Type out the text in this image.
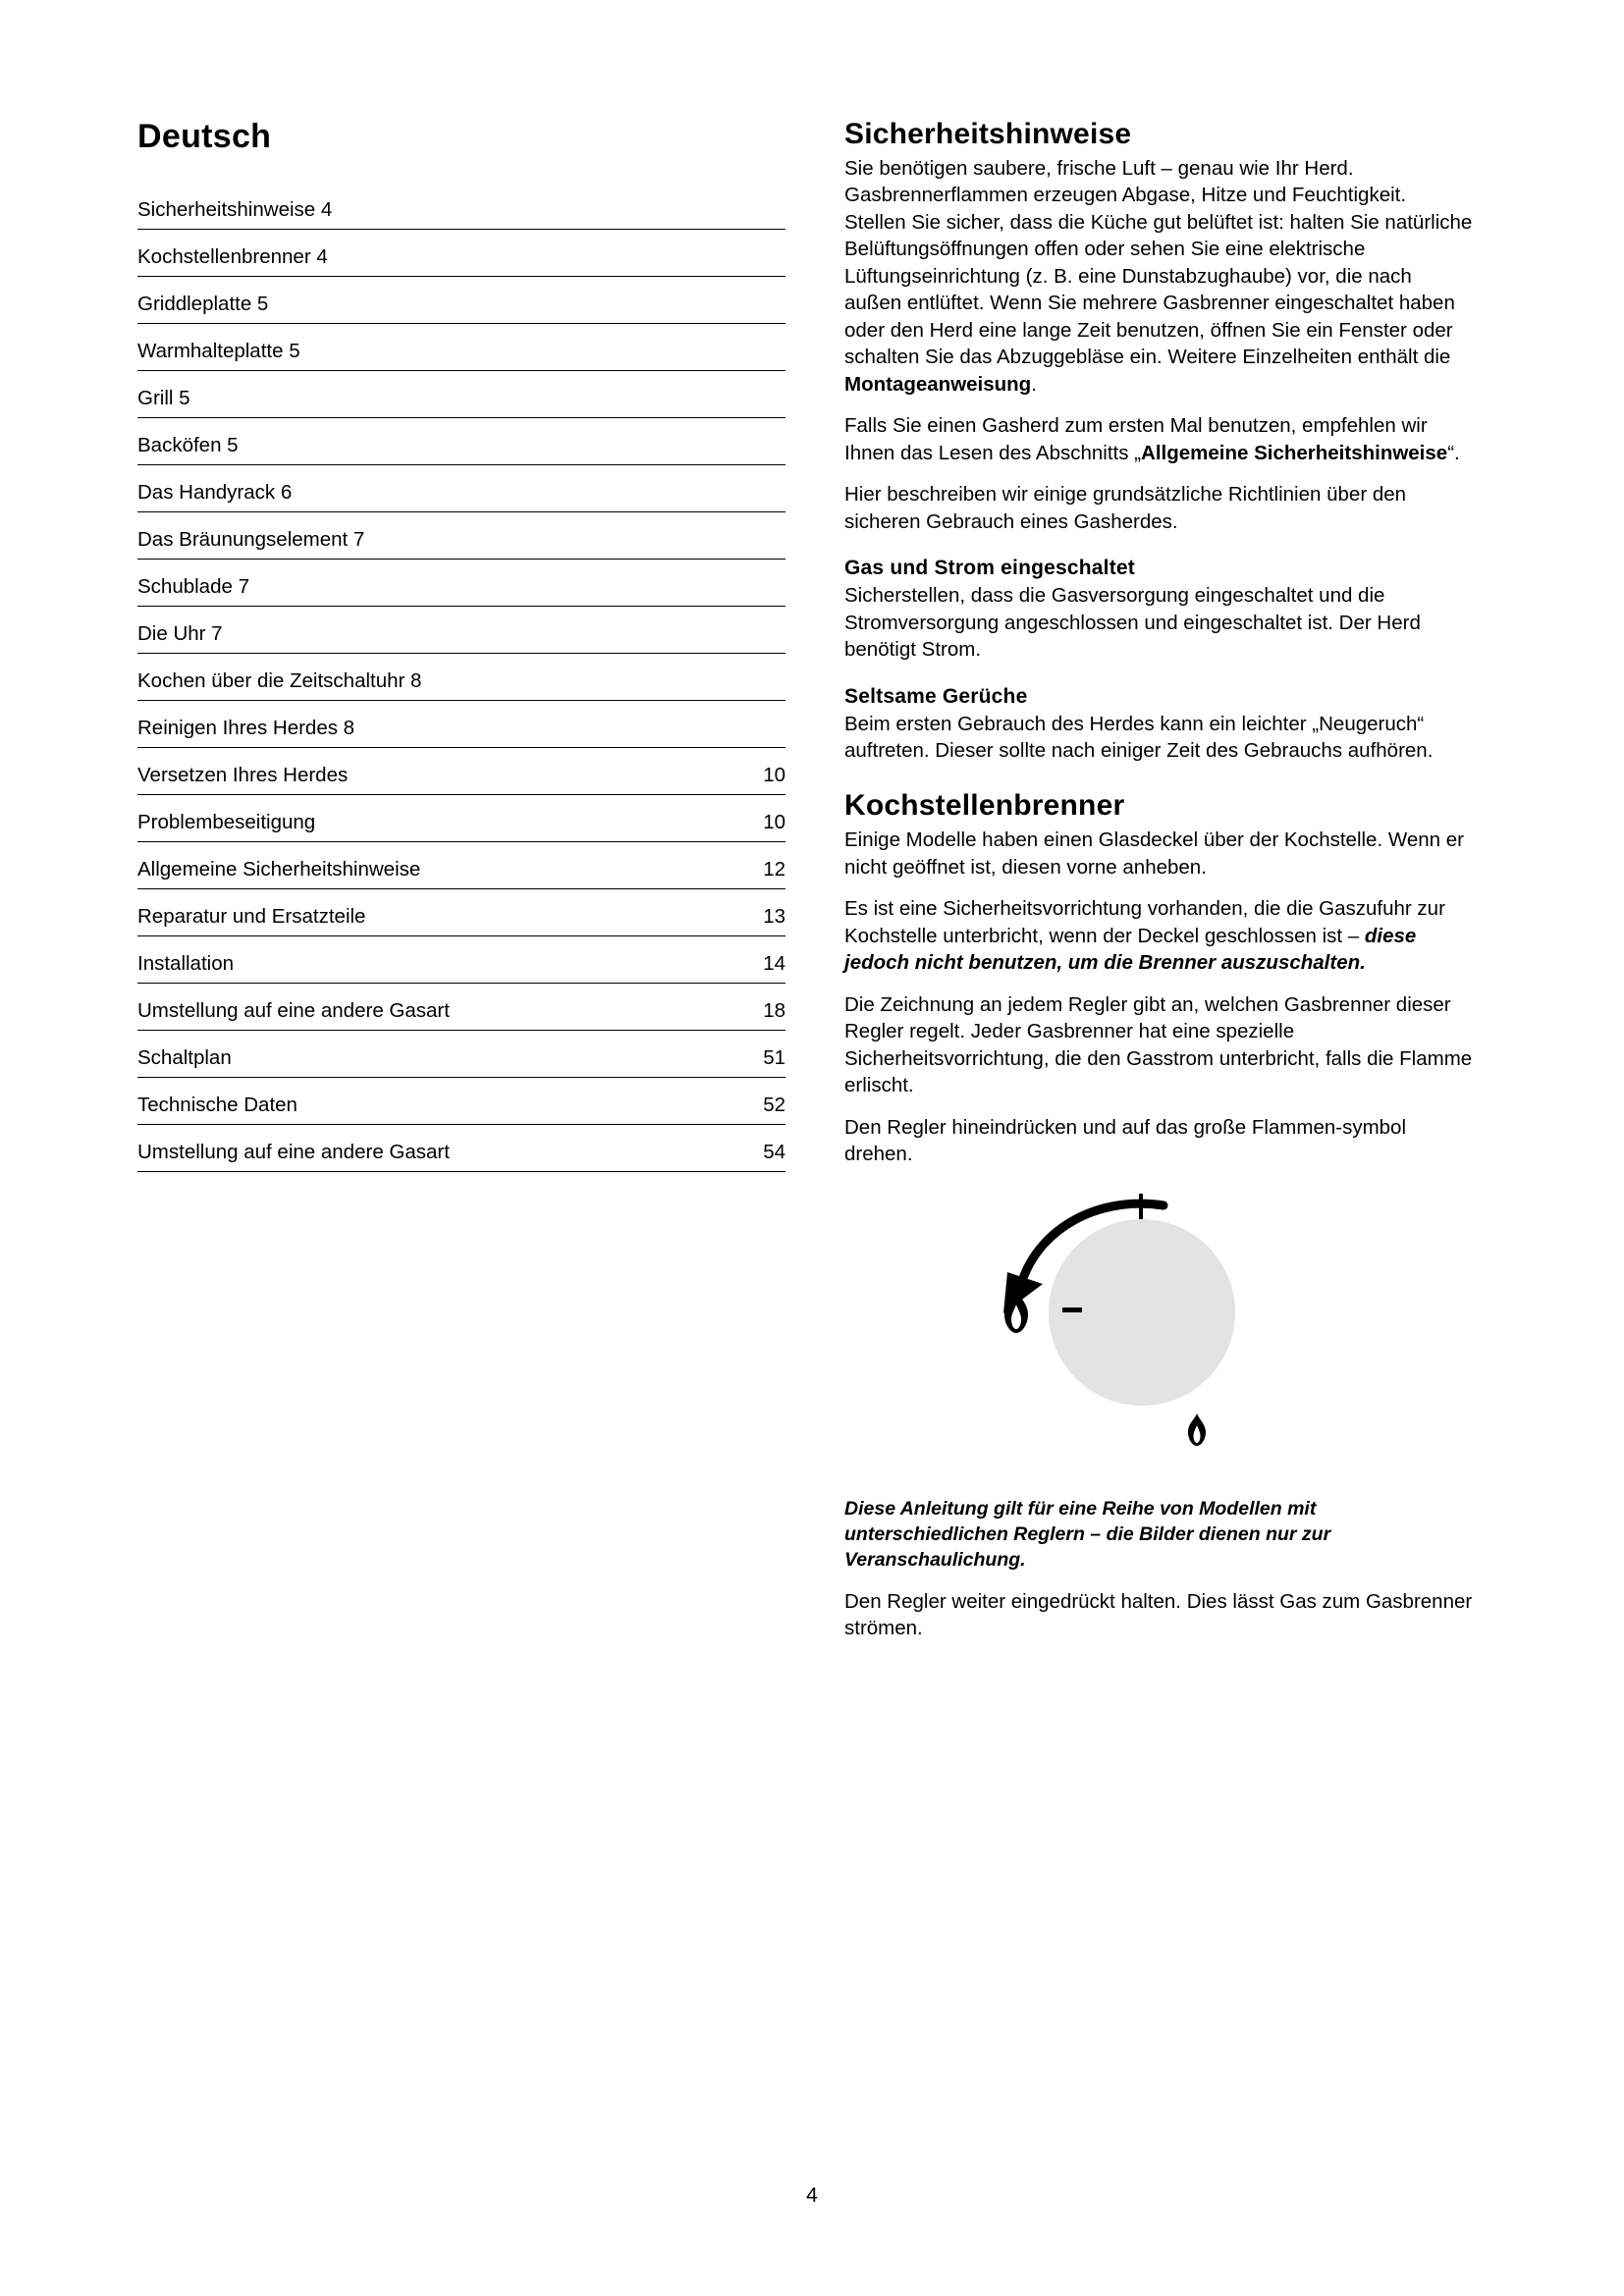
Deutsch
Sicherheitshinweise 4	
Kochstellenbrenner 4	
Griddleplatte 5	
Warmhalteplatte 5	
Grill 5	
Backöfen 5	
Das Handyrack 6	
Das Bräunungselement 7	
Schublade 7	
Die Uhr 7	
Kochen über die Zeitschaltuhr 8	
Reinigen Ihres Herdes 8	
Versetzen Ihres Herdes	10
Problembeseitigung	10
Allgemeine Sicherheitshinweise	12
Reparatur und Ersatzteile	13
Installation	14
Umstellung auf eine andere Gasart	18
Schaltplan	51
Technische Daten	52
Umstellung auf eine andere Gasart	54
Sicherheitshinweise

Sie benötigen saubere, frische Luft – genau wie Ihr Herd. Gasbrennerflammen erzeugen Abgase, Hitze und Feuchtigkeit. Stellen Sie sicher, dass die Küche gut belüftet ist: halten Sie natürliche Belüftungsöffnungen offen oder sehen Sie eine elektrische Lüftungseinrichtung (z. B. eine Dunstabzughaube) vor, die nach außen entlüftet. Wenn Sie mehrere Gasbrenner eingeschaltet haben oder den Herd eine lange Zeit benutzen, öffnen Sie ein Fenster oder schalten Sie das Abzuggebläse ein. Weitere Einzelheiten enthält die Montageanweisung.

Falls Sie einen Gasherd zum ersten Mal benutzen, empfehlen wir Ihnen das Lesen des Abschnitts „Allgemeine Sicherheitshinweise“.

Hier beschreiben wir einige grundsätzliche Richtlinien über den sicheren Gebrauch eines Gasherdes.

Gas und Strom eingeschaltet

Sicherstellen, dass die Gasversorgung eingeschaltet und die Stromversorgung angeschlossen und eingeschaltet ist. Der Herd benötigt Strom.

Seltsame Gerüche

Beim ersten Gebrauch des Herdes kann ein leichter „Neugeruch“ auftreten. Dieser sollte nach einiger Zeit des Gebrauchs aufhören.

Kochstellenbrenner

Einige Modelle haben einen Glasdeckel über der Kochstelle. Wenn er nicht geöffnet ist, diesen vorne anheben.

Es ist eine Sicherheitsvorrichtung vorhanden, die die Gaszufuhr zur Kochstelle unterbricht, wenn der Deckel geschlossen ist – diese jedoch nicht benutzen, um die Brenner auszuschalten.

Die Zeichnung an jedem Regler gibt an, welchen Gasbrenner dieser Regler regelt. Jeder Gasbrenner hat eine spezielle Sicherheitsvorrichtung, die den Gasstrom unterbricht, falls die Flamme erlischt.

Den Regler hineindrücken und auf das große Flammen-symbol drehen.

Diese Anleitung gilt für eine Reihe von Modellen mit unterschiedlichen Reglern – die Bilder dienen nur zur Veranschaulichung.

Den Regler weiter eingedrückt halten. Dies lässt Gas zum Gasbrenner strömen.

4
